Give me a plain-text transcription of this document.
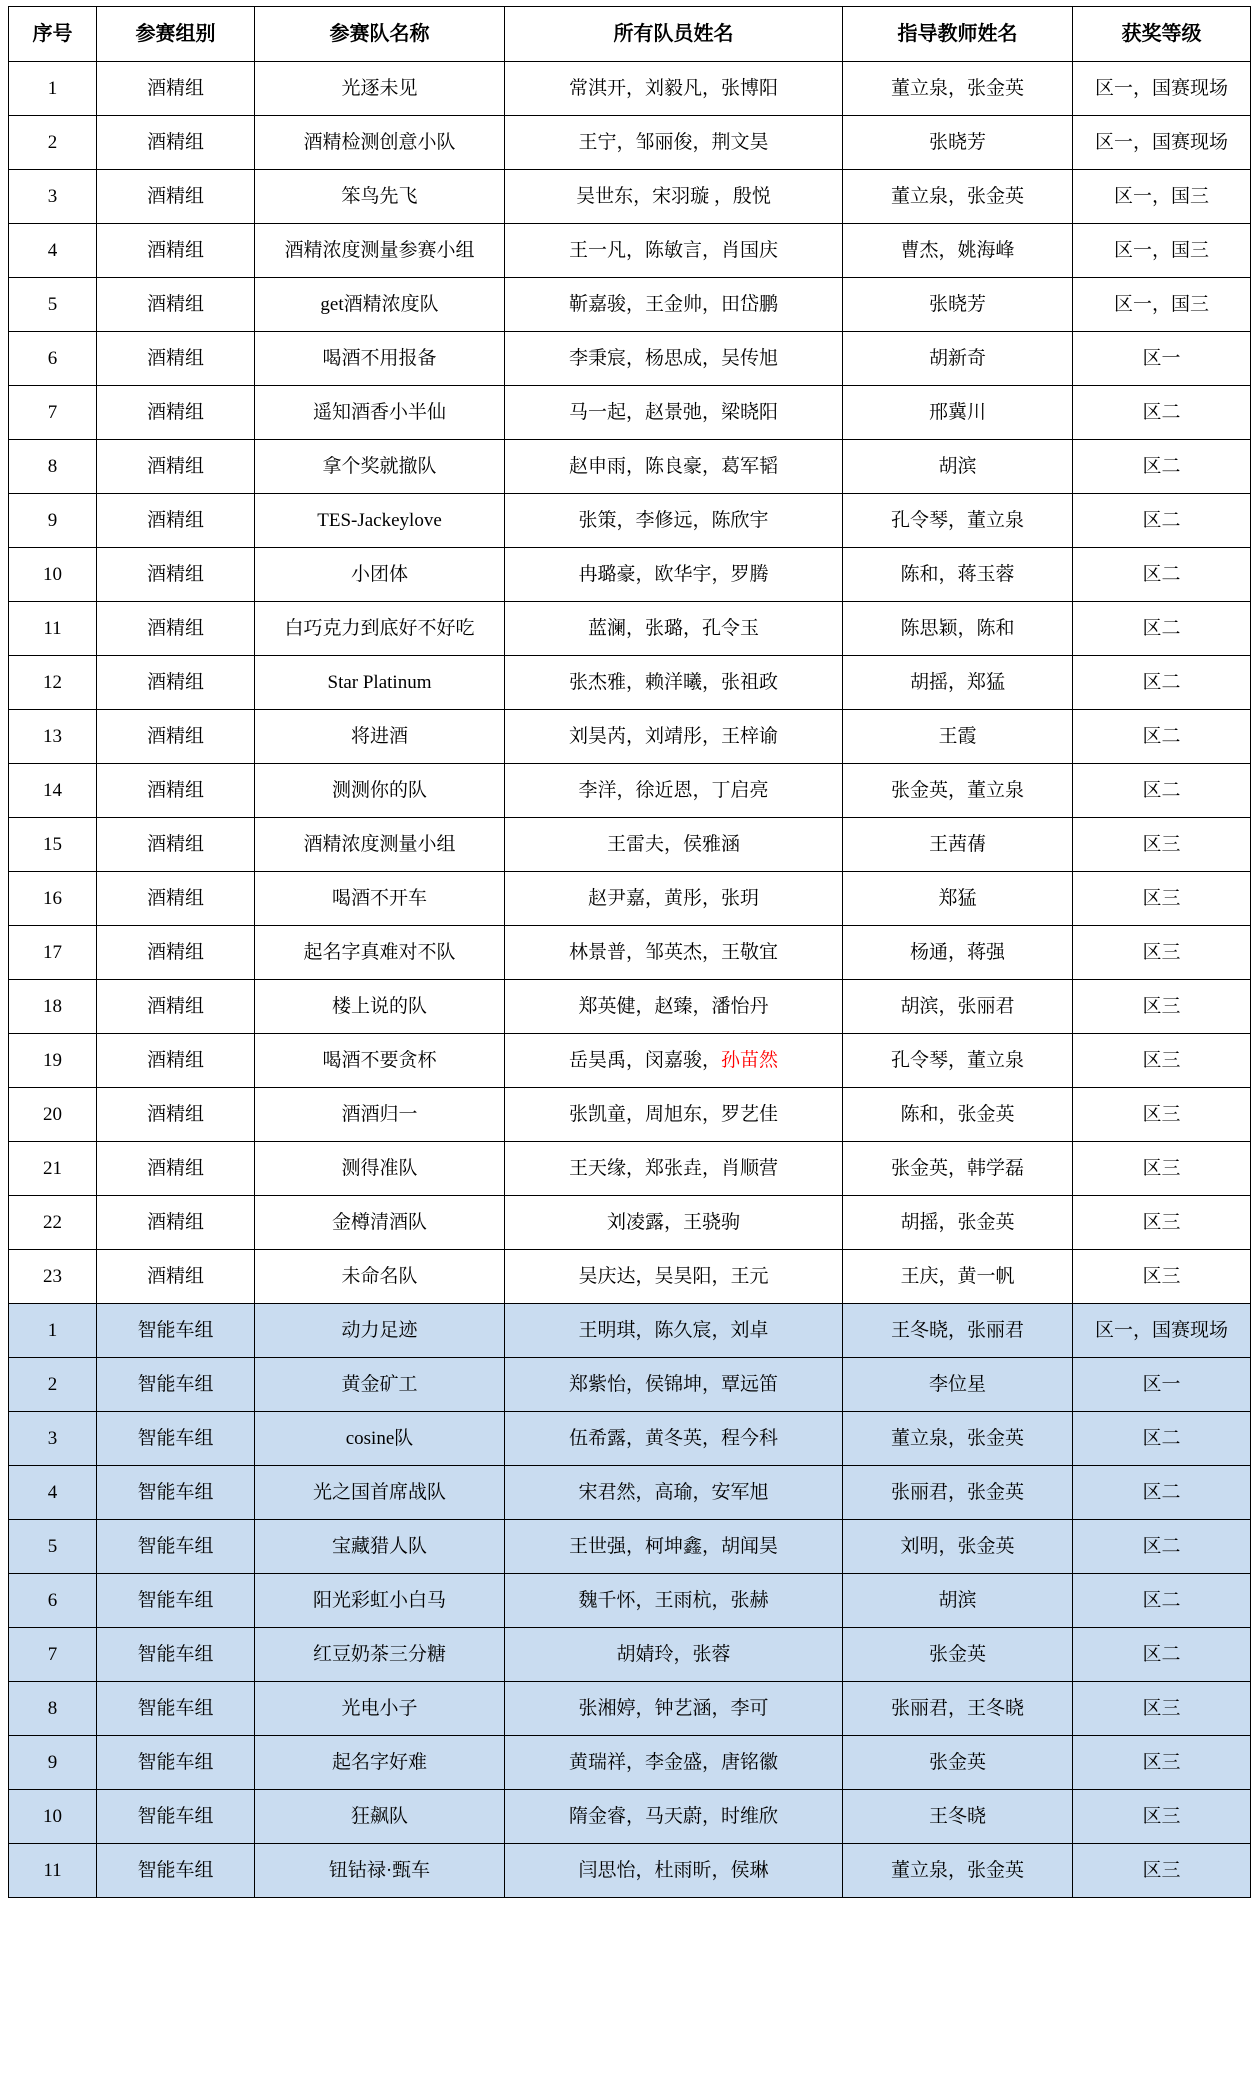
序号	参赛组别	参赛队名称	所有队员姓名	指导教师姓名	获奖等级
1	酒精组	光逐未见	常淇开，刘毅凡，张博阳	董立泉，张金英	区一，国赛现场
2	酒精组	酒精检测创意小队	王宁，邹丽俊，荆文昊	张晓芳	区一，国赛现场
3	酒精组	笨鸟先飞	吴世东，宋羽璇 ，殷悦	董立泉，张金英	区一，国三
4	酒精组	酒精浓度测量参赛小组	王一凡，陈敏言，肖国庆	曹杰，姚海峰	区一，国三
5	酒精组	get酒精浓度队	靳嘉骏，王金帅，田岱鹏	张晓芳	区一，国三
6	酒精组	喝酒不用报备	李秉宸，杨思成，吴传旭	胡新奇	区一
7	酒精组	遥知酒香小半仙	马一起，赵景弛，梁晓阳	邢冀川	区二
8	酒精组	拿个奖就撤队	赵申雨，陈良豪，葛军韬	胡滨	区二
9	酒精组	TES-Jackeylove	张策，李修远，陈欣宇	孔令琴，董立泉	区二
10	酒精组	小团体	冉璐豪，欧华宇，罗腾	陈和，蒋玉蓉	区二
11	酒精组	白巧克力到底好不好吃	蓝澜，张璐，孔令玉	陈思颖，陈和	区二
12	酒精组	Star Platinum	张杰雅，赖洋曦，张祖政	胡摇，郑猛	区二
13	酒精组	将进酒	刘昊芮，刘靖彤，王梓谕	王霞	区二
14	酒精组	测测你的队	李洋，徐近恩，丁启亮	张金英，董立泉	区二
15	酒精组	酒精浓度测量小组	王雷夫，侯雅涵	王茜蒨	区三
16	酒精组	喝酒不开车	赵尹嘉，黄彤，张玥	郑猛	区三
17	酒精组	起名字真难对不队	林景普，邹英杰，王敬宜	杨通，蒋强	区三
18	酒精组	楼上说的队	郑英健，赵臻，潘怡丹	胡滨，张丽君	区三
19	酒精组	喝酒不要贪杯	岳昊禹，闵嘉骏，孙苗然	孔令琴，董立泉	区三
20	酒精组	酒酒归一	张凯童，周旭东，罗艺佳	陈和，张金英	区三
21	酒精组	测得准队	王天缘，郑张垚，肖顺营	张金英，韩学磊	区三
22	酒精组	金樽清酒队	刘凌露，王骁驹	胡摇，张金英	区三
23	酒精组	未命名队	吴庆达，吴昊阳，王元	王庆，黄一帆	区三
1	智能车组	动力足迹	王明琪，陈久宸，刘卓	王冬晓，张丽君	区一，国赛现场
2	智能车组	黄金矿工	郑紫怡，侯锦坤，覃远笛	李位星	区一
3	智能车组	cosine队	伍希露，黄冬英，程今科	董立泉，张金英	区二
4	智能车组	光之国首席战队	宋君然，高瑜，安军旭	张丽君，张金英	区二
5	智能车组	宝藏猎人队	王世强，柯坤鑫，胡闻昊	刘明，张金英	区二
6	智能车组	阳光彩虹小白马	魏千怀，王雨杭，张赫	胡滨	区二
7	智能车组	红豆奶茶三分糖	胡婧玲，张蓉	张金英	区二
8	智能车组	光电小子	张湘婷，钟艺涵，李可	张丽君，王冬晓	区三
9	智能车组	起名字好难	黄瑞祥，李金盛，唐铭徽	张金英	区三
10	智能车组	狂飙队	隋金睿，马天蔚，时维欣	王冬晓	区三
11	智能车组	钮钴禄·甄车	闫思怡，杜雨昕，侯琳	董立泉，张金英	区三
